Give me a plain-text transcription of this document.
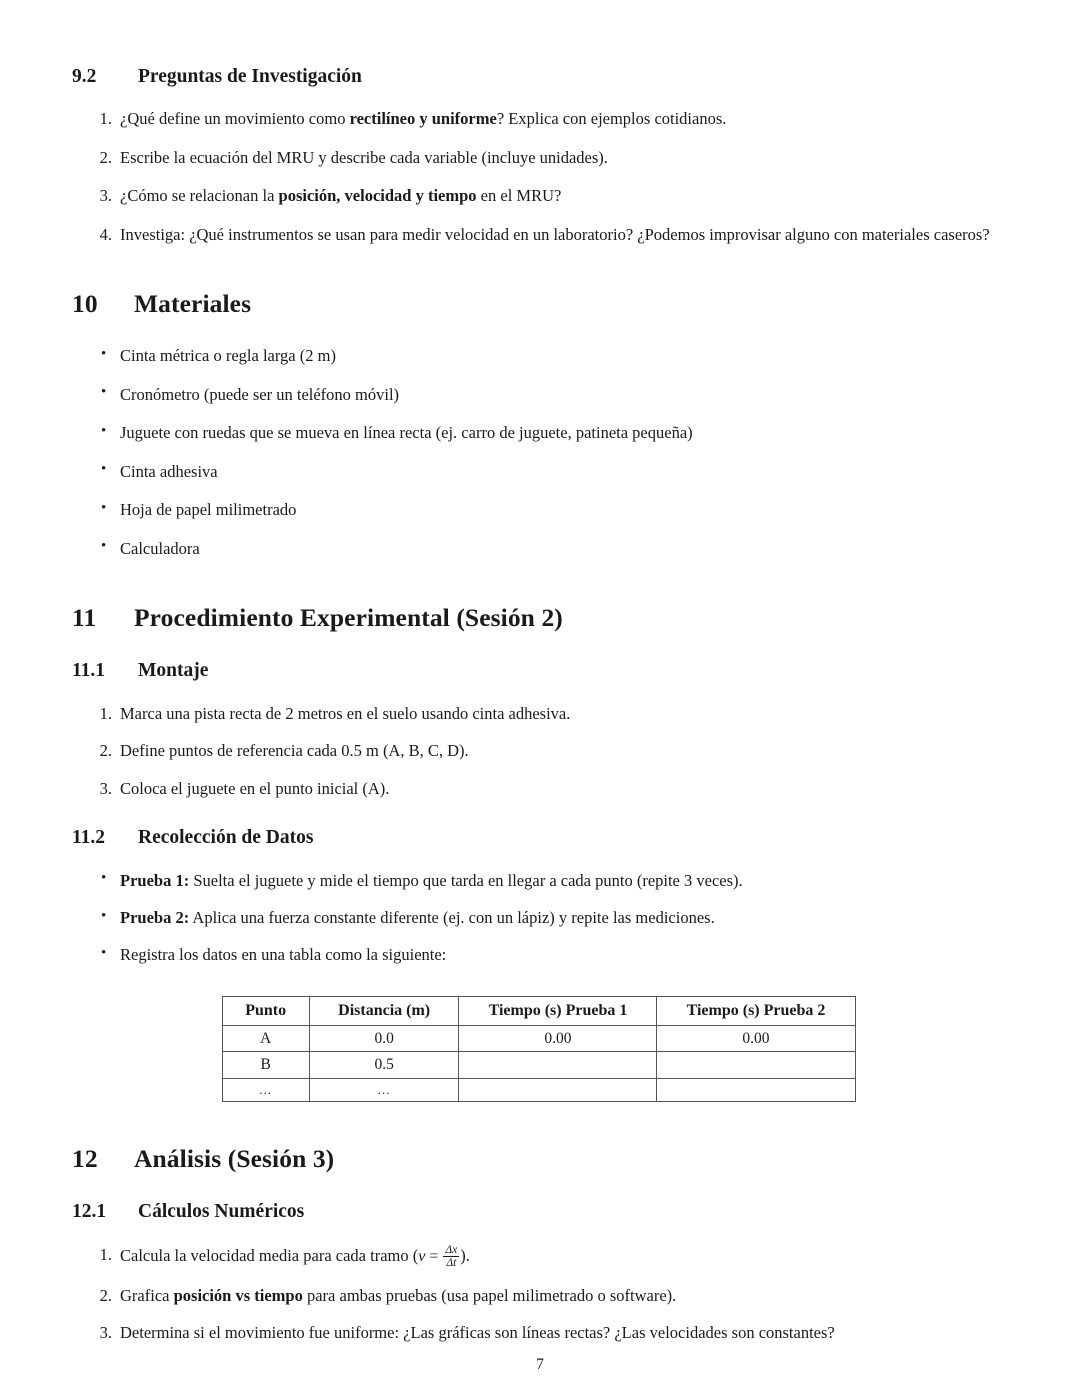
9.2 Preguntas de Investigación
1. ¿Qué define un movimiento como rectilíneo y uniforme? Explica con ejemplos cotidianos.
2. Escribe la ecuación del MRU y describe cada variable (incluye unidades).
3. ¿Cómo se relacionan la posición, velocidad y tiempo en el MRU?
4. Investiga: ¿Qué instrumentos se usan para medir velocidad en un laboratorio? ¿Podemos improvisar alguno con materiales caseros?
10 Materiales
• Cinta métrica o regla larga (2 m)
• Cronómetro (puede ser un teléfono móvil)
• Juguete con ruedas que se mueva en línea recta (ej. carro de juguete, patineta pequeña)
• Cinta adhesiva
• Hoja de papel milimetrado
• Calculadora
11 Procedimiento Experimental (Sesión 2)
11.1 Montaje
1. Marca una pista recta de 2 metros en el suelo usando cinta adhesiva.
2. Define puntos de referencia cada 0.5 m (A, B, C, D).
3. Coloca el juguete en el punto inicial (A).
11.2 Recolección de Datos
• Prueba 1: Suelta el juguete y mide el tiempo que tarda en llegar a cada punto (repite 3 veces).
• Prueba 2: Aplica una fuerza constante diferente (ej. con un lápiz) y repite las mediciones.
• Registra los datos en una tabla como la siguiente:
Punto	Distancia (m)	Tiempo (s) Prueba 1	Tiempo (s) Prueba 2
A	0.0	0.00	0.00
B	0.5		
...	...		
12 Análisis (Sesión 3)
12.1 Cálculos Numéricos
1. Calcula la velocidad media para cada tramo ($v = \frac{\Delta x}{\Delta t}$ ).
2. Grafica posición vs tiempo para ambas pruebas (usa papel milimetrado o software).
3. Determina si el movimiento fue uniforme: ¿Las gráficas son líneas rectas? ¿Las velocidades son constantes?
7
